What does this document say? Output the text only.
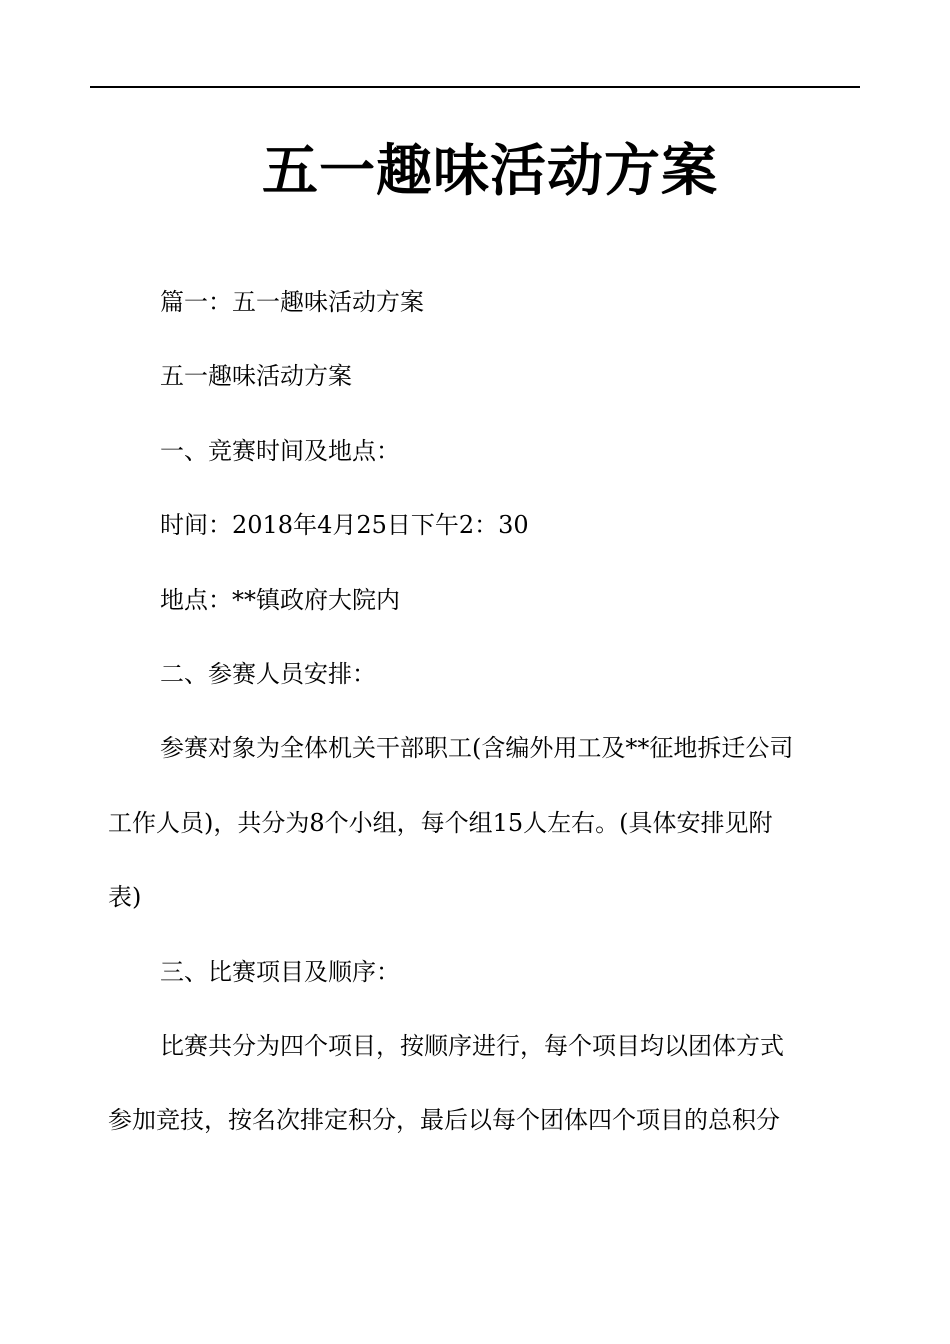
五一趣味活动方案

篇一：五一趣味活动方案

五一趣味活动方案

一、竞赛时间及地点：

时间：2018年4月25日下午2：30

地点：**镇政府大院内

二、参赛人员安排：

参赛对象为全体机关干部职工(含编外用工及**征地拆迁公司

工作人员)，共分为8个小组，每个组15人左右。(具体安排见附

表)

三、比赛项目及顺序：

比赛共分为四个项目，按顺序进行，每个项目均以团体方式

参加竞技，按名次排定积分，最后以每个团体四个项目的总积分
